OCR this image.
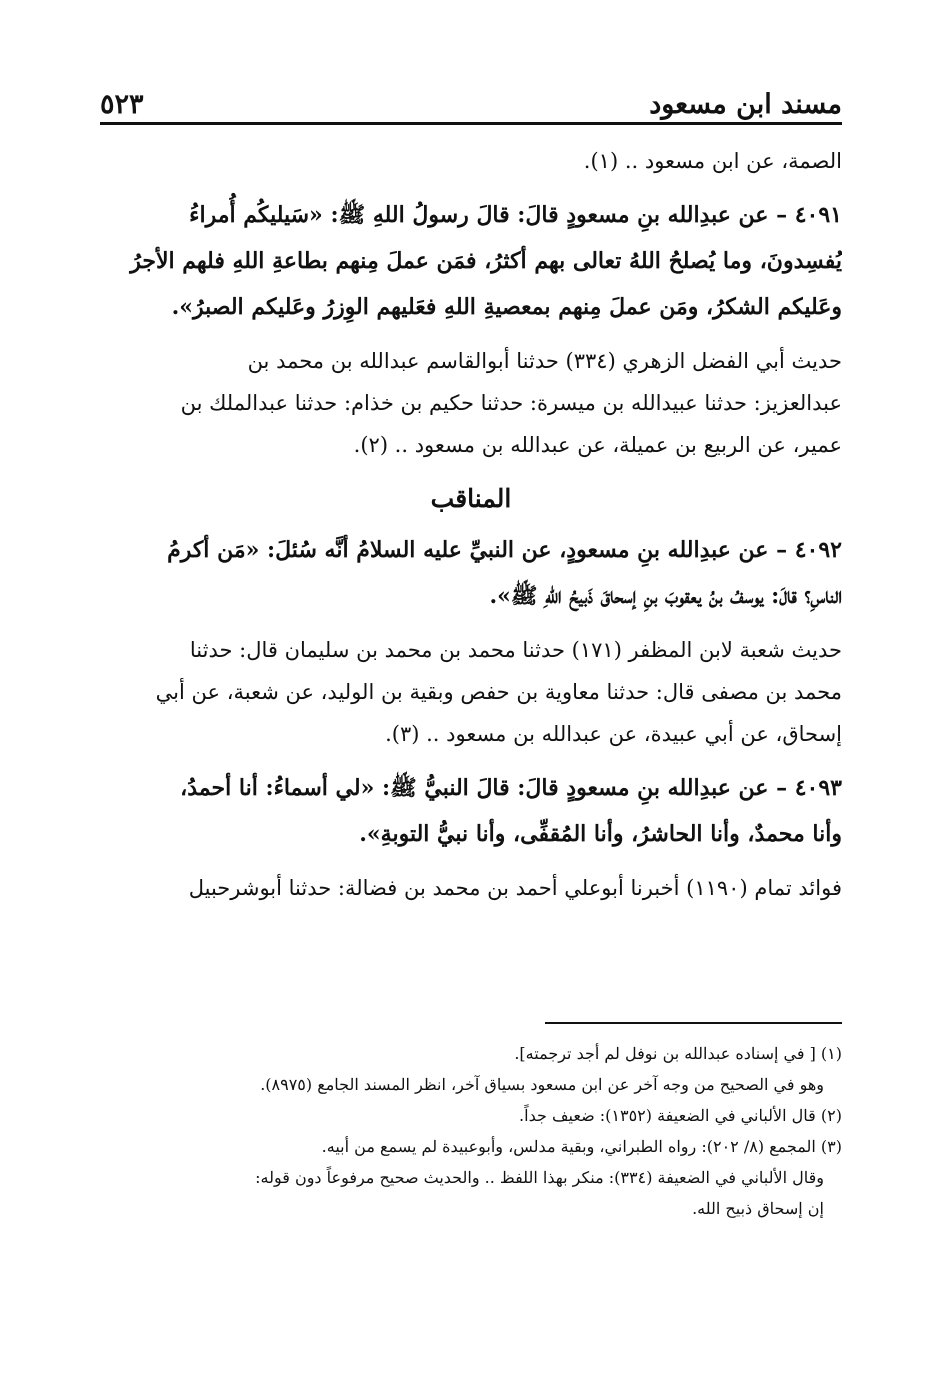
٥٢٣	مسند ابن مسعود
الصمة، عن ابن مسعود .. (١).
٤٠٩١ – عن عبدِالله بنِ مسعودٍ قالَ: قالَ رسولُ اللهِ ﷺ: «سَيليكُم أُمراءُ
يُفسِدونَ، وما يُصلحُ اللهُ تعالى بهم أكثرُ، فمَن عملَ مِنهم بطاعةِ اللهِ فلهم الأجرُ
وعَليكم الشكرُ، ومَن عملَ مِنهم بمعصيةِ اللهِ فعَليهم الوِزرُ وعَليكم الصبرُ».
حديث أبي الفضل الزهري (٣٣٤) حدثنا أبوالقاسم عبدالله بن محمد بن
عبدالعزيز: حدثنا عبيدالله بن ميسرة: حدثنا حكيم بن خذام: حدثنا عبدالملك بن
عمير، عن الربيع بن عميلة، عن عبدالله بن مسعود .. (٢).
المناقب
٤٠٩٢ – عن عبدِالله بنِ مسعودٍ، عن النبيِّ عليه السلامُ أنَّه سُئلَ: «مَن أكرمُ
الناسِ؟ قالَ: يوسفُ بنُ يعقوبَ بنِ إسحاقَ ذَبيحُ اللهِ ﷺ».
حديث شعبة لابن المظفر (١٧١) حدثنا محمد بن محمد بن سليمان قال: حدثنا
محمد بن مصفى قال: حدثنا معاوية بن حفص وبقية بن الوليد، عن شعبة، عن أبي
إسحاق، عن أبي عبيدة، عن عبدالله بن مسعود .. (٣).
٤٠٩٣ – عن عبدِالله بنِ مسعودٍ قالَ: قالَ النبيُّ ﷺ: «لي أسماءُ: أنا أحمدُ،
وأنا محمدٌ، وأنا الحاشرُ، وأنا المُقفِّى، وأنا نبيُّ التوبةِ».
فوائد تمام (١١٩٠) أخبرنا أبوعلي أحمد بن محمد بن فضالة: حدثنا أبوشرحبيل
(١) [ في إسناده عبدالله بن نوفل لم أجد ترجمته].
وهو في الصحيح من وجه آخر عن ابن مسعود بسياق آخر، انظر المسند الجامع (٨٩٧٥).
(٢) قال الألباني في الضعيفة (١٣٥٢): ضعيف جداً.
(٣) المجمع (٨/ ٢٠٢): رواه الطبراني، وبقية مدلس، وأبوعبيدة لم يسمع من أبيه.
وقال الألباني في الضعيفة (٣٣٤): منكر بهذا اللفظ .. والحديث صحيح مرفوعاً دون قوله:
إن إسحاق ذبيح الله.
